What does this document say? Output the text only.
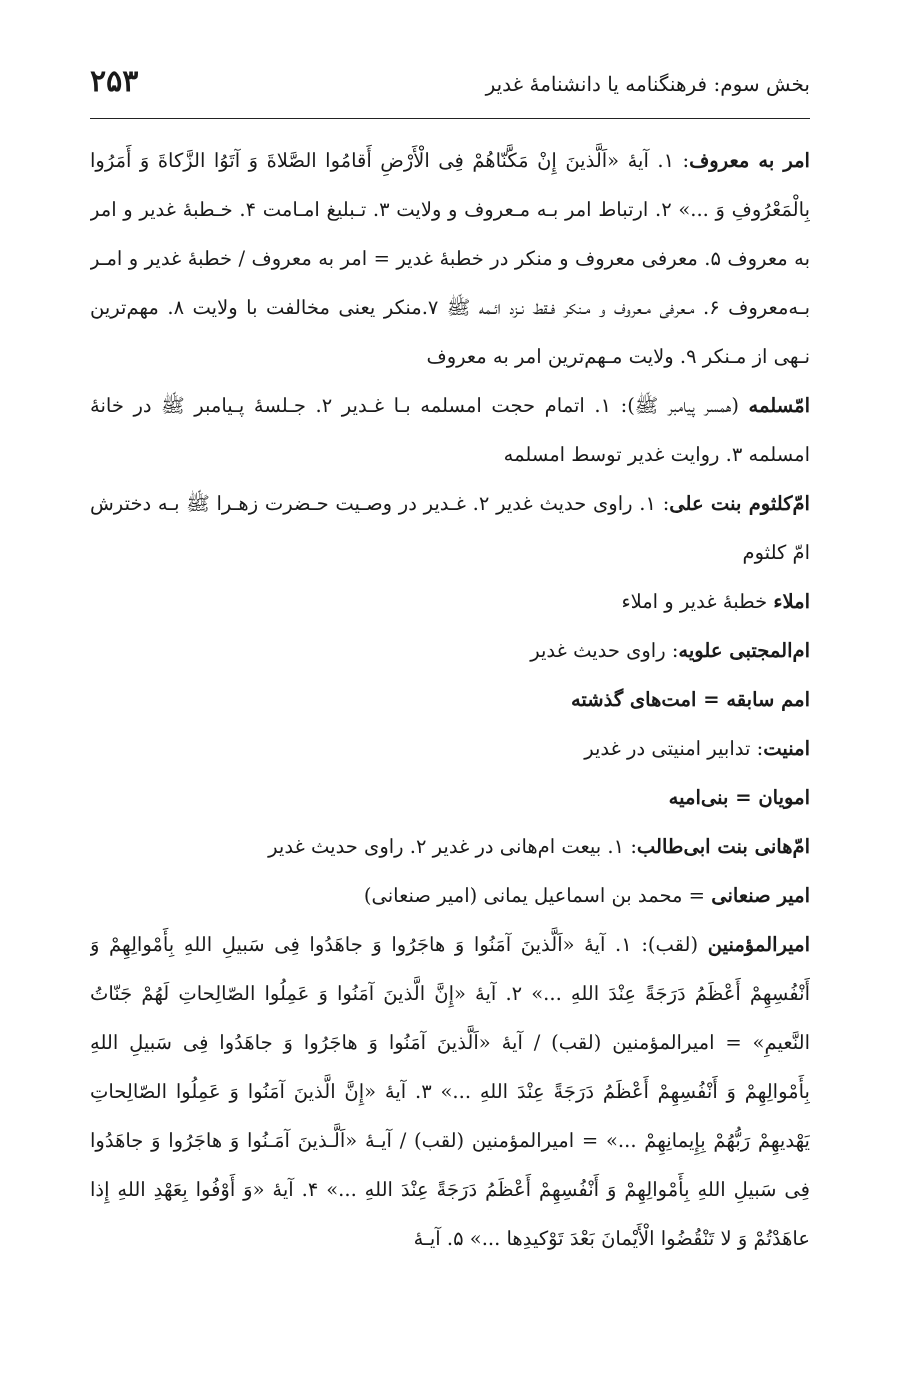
بخش سوم: فرهنگنامه یا دانشنامۀ غدیر
۲۵۳

امر به معروف: ۱. آیۀ «اَلَّذینَ إِنْ مَکَّنّاهُمْ فِی الْأَرْضِ أَقامُوا الصَّلاةَ وَ آتَوُا الزَّکاةَ وَ أَمَرُوا بِالْمَعْرُوفِ وَ ...» ۲. ارتباط امر بـه مـعروف و ولایت ۳. تـبلیغ امـامت ۴. خـطبۀ غدیر و امر به معروف ۵. معرفی معروف و منکر در خطبۀ غدیر = امر به معروف / خطبۀ غدیر و امـر بـه‌معروف ۶. مـعرفی مـعروف و مـنکر فـقط نـزد ائـمه ﷺ ۷.منکر یعنی مخالفت با ولایت ۸. مهم‌ترین نـهی از مـنکر ۹. ولایت مـهم‌ترین امر به معروف

امّسلمه (همسر پیامبر ﷺ): ۱. اتمام حجت امسلمه بـا غـدیر ۲. جـلسۀ پـیامبر ﷺ در خانۀ امسلمه ۳. روایت غدیر توسط امسلمه

امّ‌کلثوم بنت علی: ۱. راوی حدیث غدیر ۲. غـدیر در وصـیت حـضرت زهـرا ﷺ بـه دخترش امّ کلثوم

املاء خطبۀ غدیر و املاء

ام‌المجتبی علویه: راوی حدیث غدیر

امم سابقه = امت‌های گذشته

امنیت: تدابیر امنیتی در غدیر

امویان = بنی‌امیه

امّ‌هانی بنت ابی‌طالب: ۱. بیعت ام‌هانی در غدیر ۲. راوی حدیث غدیر

امیر صنعانی = محمد بن اسماعیل یمانی (امیر صنعانی)

امیرالمؤمنین (لقب): ۱. آیۀ «اَلَّذینَ آمَنُوا وَ هاجَرُوا وَ جاهَدُوا فِی سَبیلِ اللهِ بِأَمْوالِهِمْ وَ أَنْفُسِهِمْ أَعْظَمُ دَرَجَةً عِنْدَ اللهِ ...» ۲. آیۀ «إِنَّ الَّذینَ آمَنُوا وَ عَمِلُوا الصّالِحاتِ لَهُمْ جَنّاتُ النَّعیمِ» = امیرالمؤمنین (لقب) / آیۀ «اَلَّذینَ آمَنُوا وَ هاجَرُوا وَ جاهَدُوا فِی سَبیلِ اللهِ بِأَمْوالِهِمْ وَ أَنْفُسِهِمْ أَعْظَمُ دَرَجَةً عِنْدَ اللهِ ...» ۳. آیۀ «إِنَّ الَّذینَ آمَنُوا وَ عَمِلُوا الصّالِحاتِ یَهْدیهِمْ رَبُّهُمْ بِإِیمانِهِمْ ...» = امیرالمؤمنین (لقب) / آیـۀ «اَلَّـذینَ آمَـنُوا وَ هاجَرُوا وَ جاهَدُوا فِی سَبیلِ اللهِ بِأَمْوالِهِمْ وَ أَنْفُسِهِمْ أَعْظَمُ دَرَجَةً عِنْدَ اللهِ ...» ۴. آیۀ «وَ أَوْفُوا بِعَهْدِ اللهِ إِذا عاهَدْتُمْ وَ لا تَنْقُضُوا الْأَیْمانَ بَعْدَ تَوْکیدِها ...» ۵. آیـۀ
